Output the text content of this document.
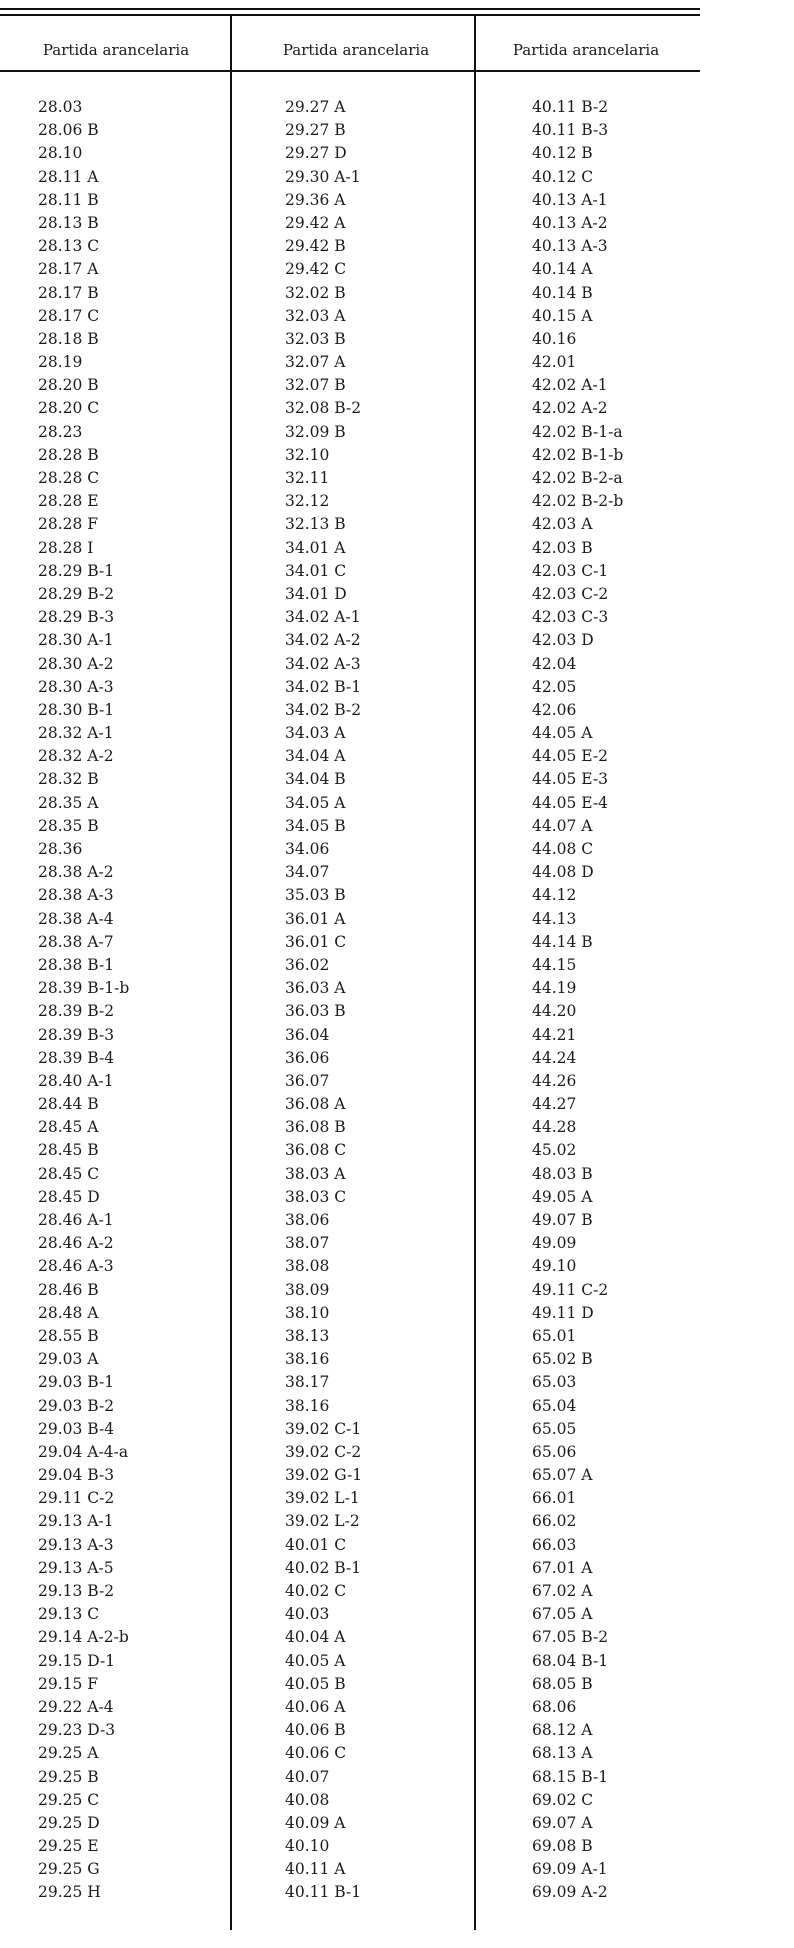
Partida arancelaria	Partida arancelaria	Partida arancelaria
28.03
28.06 B
28.10
28.11 A
28.11 B
28.13 B
28.13 C
28.17 A
28.17 B
28.17 C
28.18 B
28.19
28.20 B
28.20 C
28.23
28.28 B
28.28 C
28.28 E
28.28 F
28.28 I
28.29 B-1
28.29 B-2
28.29 B-3
28.30 A-1
28.30 A-2
28.30 A-3
28.30 B-1
28.32 A-1
28.32 A-2
28.32 B
28.35 A
28.35 B
28.36
28.38 A-2
28.38 A-3
28.38 A-4
28.38 A-7
28.38 B-1
28.39 B-1-b
28.39 B-2
28.39 B-3
28.39 B-4
28.40 A-1
28.44 B
28.45 A
28.45 B
28.45 C
28.45 D
28.46 A-1
28.46 A-2
28.46 A-3
28.46 B
28.48 A
28.55 B
29.03 A
29.03 B-1
29.03 B-2
29.03 B-4
29.04 A-4-a
29.04 B-3
29.11 C-2
29.13 A-1
29.13 A-3
29.13 A-5
29.13 B-2
29.13 C
29.14 A-2-b
29.15 D-1
29.15 F
29.22 A-4
29.23 D-3
29.25 A
29.25 B
29.25 C
29.25 D
29.25 E
29.25 G
29.25 H
29.27 A
29.27 B
29.27 D
29.30 A-1
29.36 A
29.42 A
29.42 B
29.42 C
32.02 B
32.03 A
32.03 B
32.07 A
32.07 B
32.08 B-2
32.09 B
32.10
32.11
32.12
32.13 B
34.01 A
34.01 C
34.01 D
34.02 A-1
34.02 A-2
34.02 A-3
34.02 B-1
34.02 B-2
34.03 A
34.04 A
34.04 B
34.05 A
34.05 B
34.06
34.07
35.03 B
36.01 A
36.01 C
36.02
36.03 A
36.03 B
36.04
36.06
36.07
36.08 A
36.08 B
36.08 C
38.03 A
38.03 C
38.06
38.07
38.08
38.09
38.10
38.13
38.16
38.17
38.16
39.02 C-1
39.02 C-2
39.02 G-1
39.02 L-1
39.02 L-2
40.01 C
40.02 B-1
40.02 C
40.03
40.04 A
40.05 A
40.05 B
40.06 A
40.06 B
40.06 C
40.07
40.08
40.09 A
40.10
40.11 A
40.11 B-1
40.11 B-2
40.11 B-3
40.12 B
40.12 C
40.13 A-1
40.13 A-2
40.13 A-3
40.14 A
40.14 B
40.15 A
40.16
42.01
42.02 A-1
42.02 A-2
42.02 B-1-a
42.02 B-1-b
42.02 B-2-a
42.02 B-2-b
42.03 A
42.03 B
42.03 C-1
42.03 C-2
42.03 C-3
42.03 D
42.04
42.05
42.06
44.05 A
44.05 E-2
44.05 E-3
44.05 E-4
44.07 A
44.08 C
44.08 D
44.12
44.13
44.14 B
44.15
44.19
44.20
44.21
44.24
44.26
44.27
44.28
45.02
48.03 B
49.05 A
49.07 B
49.09
49.10
49.11 C-2
49.11 D
65.01
65.02 B
65.03
65.04
65.05
65.06
65.07 A
66.01
66.02
66.03
67.01 A
67.02 A
67.05 A
67.05 B-2
68.04 B-1
68.05 B
68.06
68.12 A
68.13 A
68.15 B-1
69.02 C
69.07 A
69.08 B
69.09 A-1
69.09 A-2
